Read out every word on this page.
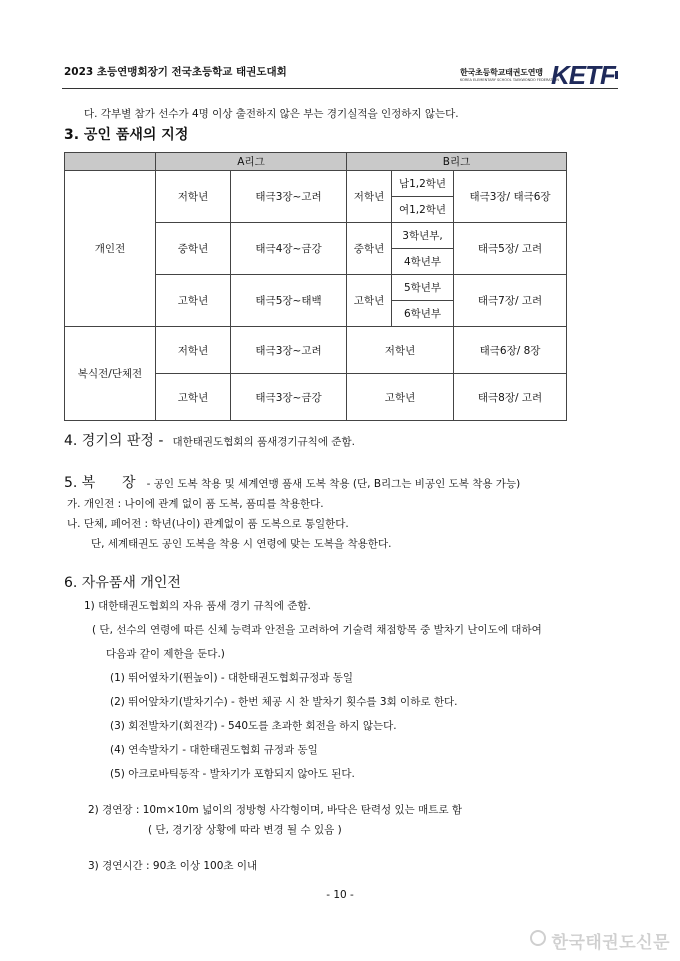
2023 초등연맹회장기 전국초등학교 태권도대회	한국초등학교태권도연맹
KOREA ELEMENTARY SCHOOL TAEKWONDO FEDERATION
KETF
다. 각부별 참가 선수가 4명 이상 출전하지 않은 부는 경기실적을 인정하지 않는다.
3. 공인 품새의 지정
	A리그		B리그		
개인전	저학년	태극3장~고려	저학년	남1,2학년	태극3장/ 태극6장
				여1,2학년	
	중학년	태극4장~금강	중학년	3학년부,	태극5장/ 고려
				4학년부	
	고학년	태극5장~태백	고학년	5학년부	태극7장/ 고려
				6학년부	
복식전/단체전	저학년	태극3장~고려	저학년		태극6장/ 8장
	고학년	태극3장~금강	고학년		태극8장/ 고려
4. 경기의 판정 - 대한태권도협회의 품새경기규칙에 준함.
5. 복      장 - 공인 도복 착용 및 세계연맹 품새 도복 착용 (단, B리그는 비공인 도복 착용 가능)
가. 개인전 : 나이에 관계 없이 품 도복, 품띠를 착용한다.
나. 단체, 페어전 : 학년(나이) 관계없이 품 도복으로 통일한다.
단, 세계태권도 공인 도복을 착용 시 연령에 맞는 도복을 착용한다.
6. 자유품새 개인전
1) 대한태권도협회의 자유 품새 경기 규칙에 준함.
( 단, 선수의 연령에 따른 신체 능력과 안전을 고려하여 기술력 채점항목 중 발차기 난이도에 대하여
다음과 같이 제한을 둔다.)
(1) 뛰어옆차기(뛴높이) - 대한태권도협회규정과 동일
(2) 뛰어앞차기(발차기수) - 한번 체공 시 찬 발차기 횟수를 3회 이하로 한다.
(3) 회전발차기(회전각) - 540도를 초과한 회전을 하지 않는다.
(4) 연속발차기 - 대한태권도협회 규정과 동일
(5) 아크로바틱동작 - 발차기가 포함되지 않아도 된다.
2) 경연장 : 10m×10m 넓이의 정방형 사각형이며, 바닥은 탄력성 있는 매트로 함
( 단, 경기장 상황에 따라 변경 될 수 있음 )
3) 경연시간 : 90초 이상 100초 이내
- 10 -
한국태권도신문
